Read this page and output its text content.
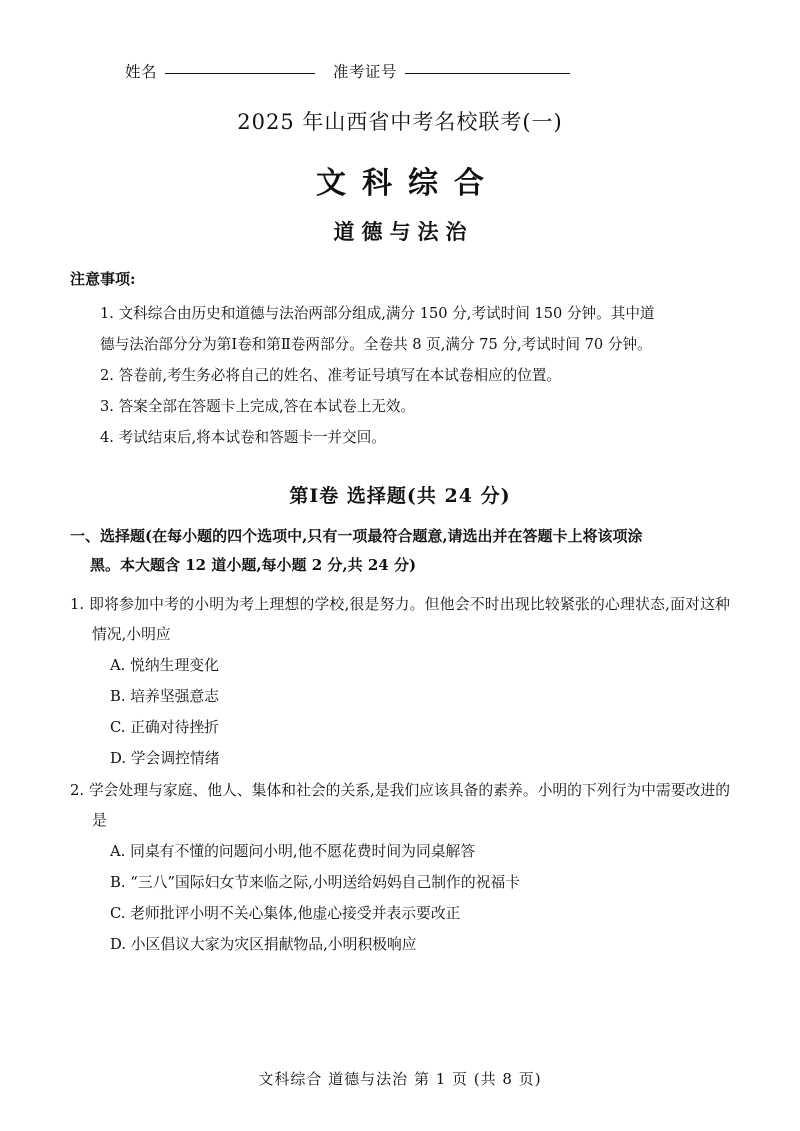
姓名	准考证号
2025 年山西省中考名校联考(一)
文科综合
道德与法治
注意事项:
1. 文科综合由历史和道德与法治两部分组成,满分 150 分,考试时间 150 分钟。其中道
德与法治部分分为第Ⅰ卷和第Ⅱ卷两部分。全卷共 8 页,满分 75 分,考试时间 70 分钟。
2. 答卷前,考生务必将自己的姓名、准考证号填写在本试卷相应的位置。
3. 答案全部在答题卡上完成,答在本试卷上无效。
4. 考试结束后,将本试卷和答题卡一并交回。
第Ⅰ卷 选择题(共 24 分)
一、选择题(在每小题的四个选项中,只有一项最符合题意,请选出并在答题卡上将该项涂
黑。本大题含 12 道小题,每小题 2 分,共 24 分)
1. 即将参加中考的小明为考上理想的学校,很是努力。但他会不时出现比较紧张的心理状态,面对这种情况,小明应
A. 悦纳生理变化
B. 培养坚强意志
C. 正确对待挫折
D. 学会调控情绪
2. 学会处理与家庭、他人、集体和社会的关系,是我们应该具备的素养。小明的下列行为中需要改进的是
A. 同桌有不懂的问题问小明,他不愿花费时间为同桌解答
B. “三八”国际妇女节来临之际,小明送给妈妈自己制作的祝福卡
C. 老师批评小明不关心集体,他虚心接受并表示要改正
D. 小区倡议大家为灾区捐献物品,小明积极响应
文科综合 道德与法治 第 1 页 (共 8 页)
